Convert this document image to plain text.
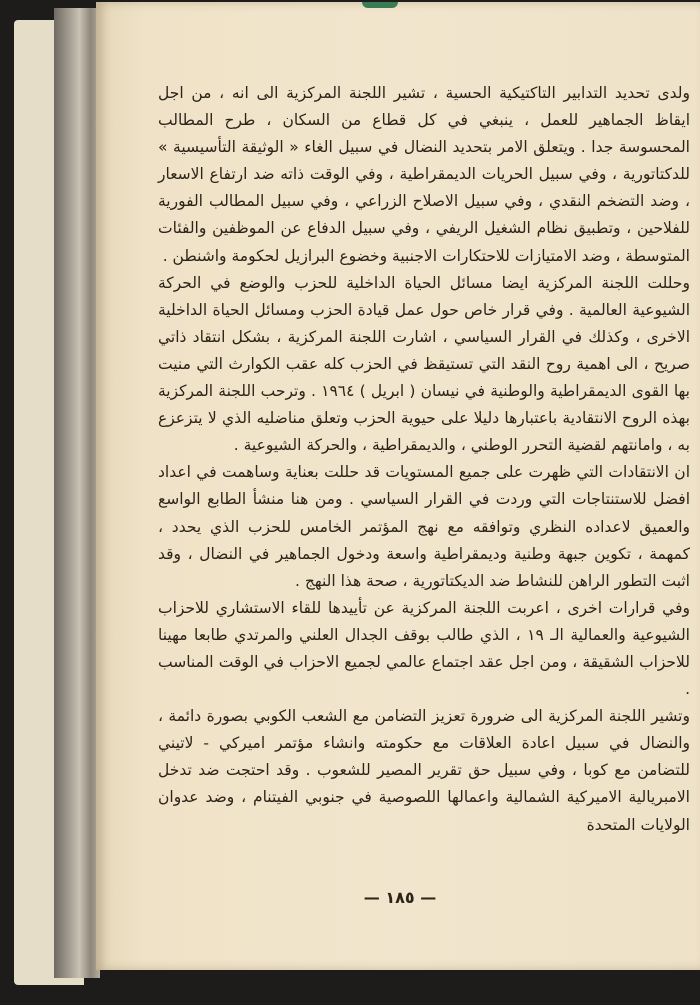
ولدى تحديد التدابير التاكتيكية الحسية ، تشير اللجنة المركزية الى انه ، من اجل ايقاظ الجماهير للعمل ، ينبغي في كل قطاع من السكان ، طرح المطالب المحسوسة جدا . ويتعلق الامر بتحديد النضال في سبيل الغاء « الوثيقة التأسيسية » للدكتاتورية ، وفي سبيل الحريات الديمقراطية ، وفي الوقت ذاته ضد ارتفاع الاسعار ، وضد التضخم النقدي ، وفي سبيل الاصلاح الزراعي ، وفي سبيل المطالب الفورية للفلاحين ، وتطبيق نظام الشغيل الريفي ، وفي سبيل الدفاع عن الموظفين والفئات المتوسطة ، وضد الامتيازات للاحتكارات الاجنبية وخضوع البرازيل لحكومة واشنطن .

وحللت اللجنة المركزية ايضا مسائل الحياة الداخلية للحزب والوضع في الحركة الشيوعية العالمية . وفي قرار خاص حول عمل قيادة الحزب ومسائل الحياة الداخلية الاخرى ، وكذلك في القرار السياسي ، اشارت اللجنة المركزية ، بشكل انتقاد ذاتي صريح ، الى اهمية روح النقد التي تستيقظ في الحزب كله عقب الكوارث التي منيت بها القوى الديمقراطية والوطنية في نيسان ( ابريل ) ١٩٦٤ . وترحب اللجنة المركزية بهذه الروح الانتقادية باعتبارها دليلا على حيوية الحزب وتعلق مناضليه الذي لا يتزعزع به ، وامانتهم لقضية التحرر الوطني ، والديمقراطية ، والحركة الشيوعية .

ان الانتقادات التي ظهرت على جميع المستويات قد حللت بعناية وساهمت في اعداد افضل للاستنتاجات التي وردت في القرار السياسي . ومن هنا منشأ الطابع الواسع والعميق لاعداده النظري وتوافقه مع نهج المؤتمر الخامس للحزب الذي يحدد ، كمهمة ، تكوين جبهة وطنية وديمقراطية واسعة ودخول الجماهير في النضال ، وقد اثبت التطور الراهن للنشاط ضد الديكتاتورية ، صحة هذا النهج .

وفي قرارات اخرى ، اعربت اللجنة المركزية عن تأييدها للقاء الاستشاري للاحزاب الشيوعية والعمالية الـ ١٩ ، الذي طالب بوقف الجدال العلني والمرتدي طابعا مهينا للاحزاب الشقيقة ، ومن اجل عقد اجتماع عالمي لجميع الاحزاب في الوقت المناسب .

وتشير اللجنة المركزية الى ضرورة تعزيز التضامن مع الشعب الكوبي بصورة دائمة ، والنضال في سبيل اعادة العلاقات مع حكومته وانشاء مؤتمر اميركي - لاتيني للتضامن مع كوبا ، وفي سبيل حق تقرير المصير للشعوب . وقد احتجت ضد تدخل الامبريالية الاميركية الشمالية واعمالها اللصوصية في جنوبي الفيتنام ، وضد عدوان الولايات المتحدة

— ١٨٥ —
